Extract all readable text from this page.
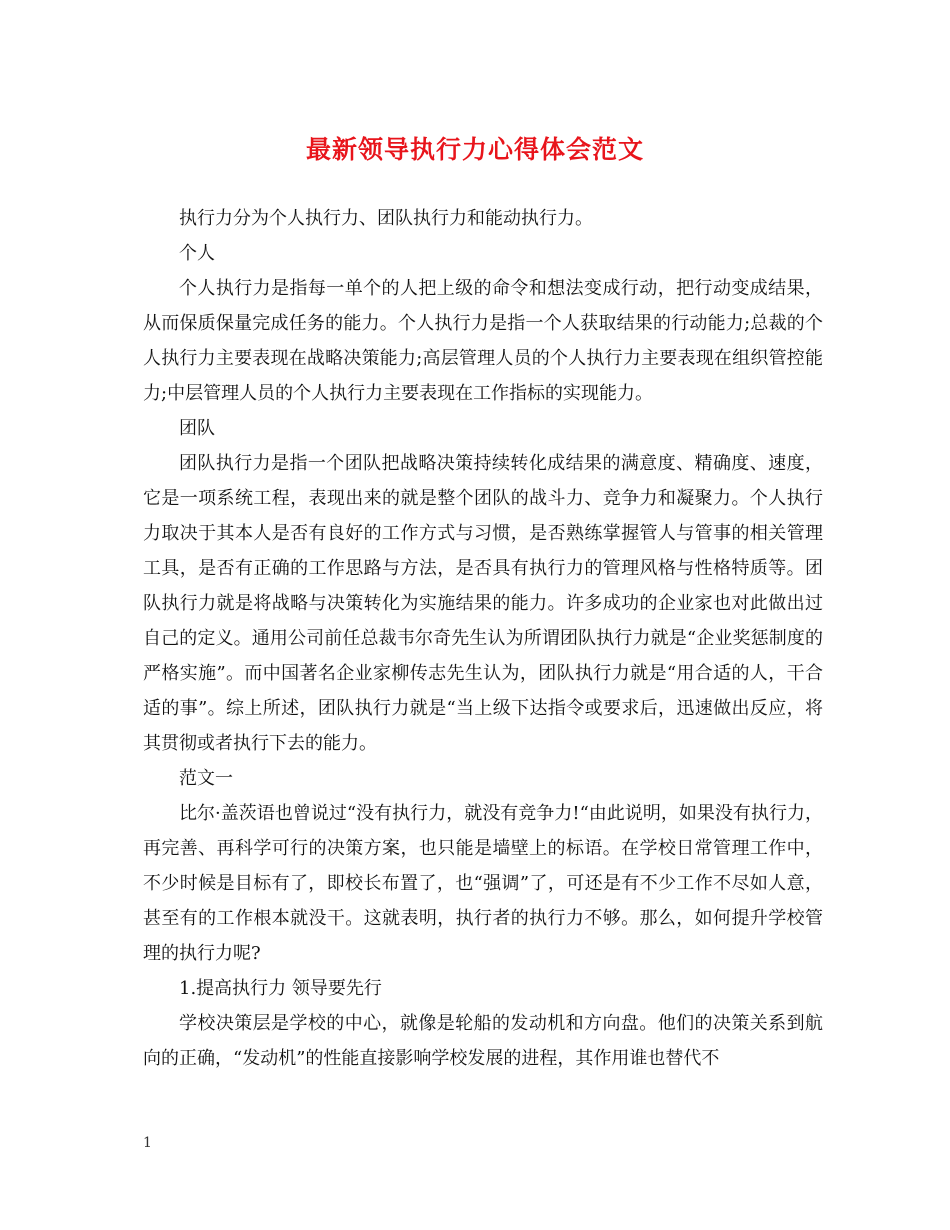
最新领导执行力心得体会范文

执行力分为个人执行力、团队执行力和能动执行力。

个人

个人执行力是指每一单个的人把上级的命令和想法变成行动，把行动变成结果，从而保质保量完成任务的能力。个人执行力是指一个人获取结果的行动能力;总裁的个人执行力主要表现在战略决策能力;高层管理人员的个人执行力主要表现在组织管控能力;中层管理人员的个人执行力主要表现在工作指标的实现能力。

团队

团队执行力是指一个团队把战略决策持续转化成结果的满意度、精确度、速度，它是一项系统工程，表现出来的就是整个团队的战斗力、竞争力和凝聚力。个人执行力取决于其本人是否有良好的工作方式与习惯，是否熟练掌握管人与管事的相关管理工具，是否有正确的工作思路与方法，是否具有执行力的管理风格与性格特质等。团队执行力就是将战略与决策转化为实施结果的能力。许多成功的企业家也对此做出过自己的定义。通用公司前任总裁韦尔奇先生认为所谓团队执行力就是“企业奖惩制度的严格实施”。而中国著名企业家柳传志先生认为，团队执行力就是“用合适的人，干合适的事”。综上所述，团队执行力就是“当上级下达指令或要求后，迅速做出反应，将其贯彻或者执行下去的能力。

范文一

比尔·盖茨语也曾说过“没有执行力，就没有竞争力!“由此说明，如果没有执行力，再完善、再科学可行的决策方案，也只能是墙壁上的标语。在学校日常管理工作中，不少时候是目标有了，即校长布置了，也“强调”了，可还是有不少工作不尽如人意，甚至有的工作根本就没干。这就表明，执行者的执行力不够。那么，如何提升学校管理的执行力呢?

1.提高执行力 领导要先行

学校决策层是学校的中心，就像是轮船的发动机和方向盘。他们的决策关系到航向的正确，“发动机”的性能直接影响学校发展的进程，其作用谁也替代不

1
